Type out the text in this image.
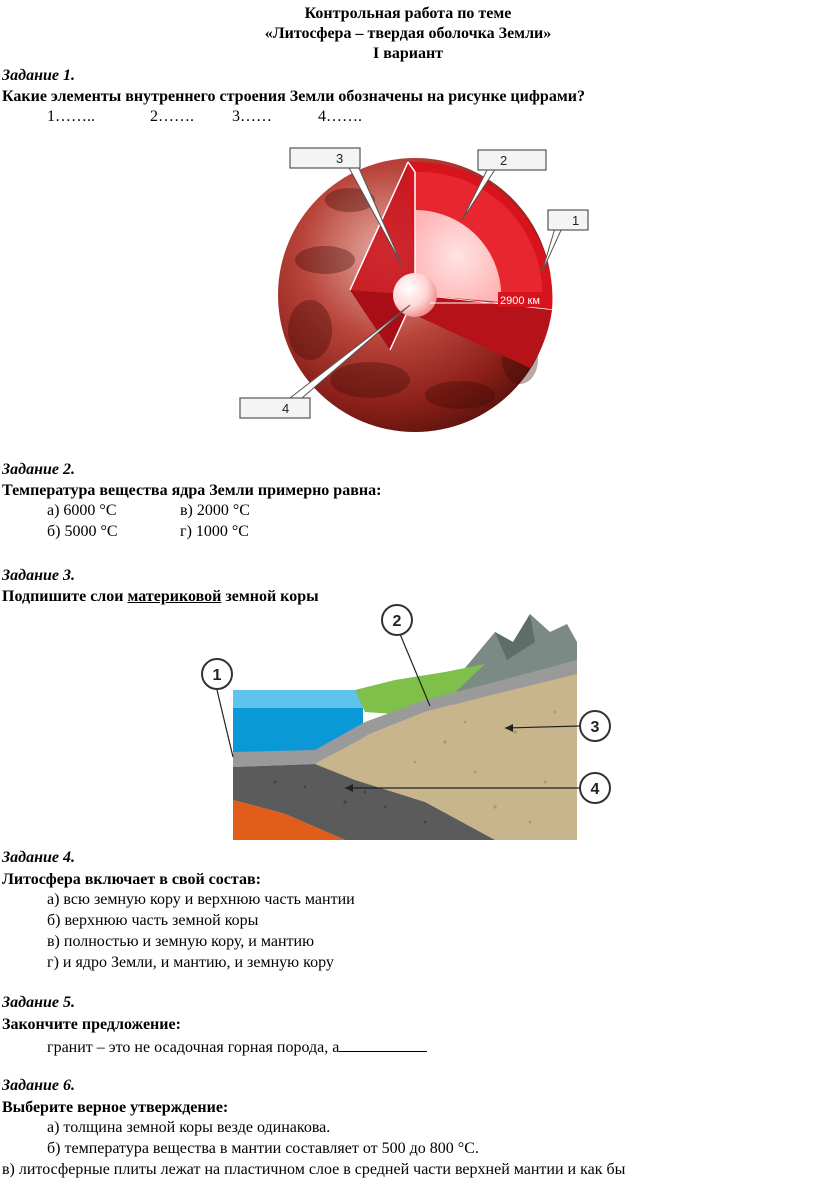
Контрольная работа по теме
«Литосфера – твердая оболочка Земли»
I вариант
Задание 1.
Какие элементы внутреннего строения Земли обозначены на рисунке цифрами?
1……..	2……. 3……	4…….
2900 км
3	2
1
4
Задание 2.
Температура вещества ядра Земли примерно равна:
а) 6000 °С	в) 2000 °С
б) 5000 °С	г) 1000 °С
Задание 3.
Подпишите слои материковой земной коры
1
2
3
4
Задание 4.
Литосфера включает в свой состав:
а) всю земную кору и верхнюю часть мантии
б) верхнюю часть земной коры
в) полностью и земную кору, и мантию
г) и ядро Земли, и мантию, и земную кору
Задание 5.
Закончите предложение:
гранит – это не осадочная горная порода, а
Задание 6.
Выберите верное утверждение:
а) толщина земной коры везде одинакова.
б) температура вещества в мантии составляет от 500 до 800 °С.
в) литосферные плиты лежат на пластичном слое в средней части верхней мантии и как бы
